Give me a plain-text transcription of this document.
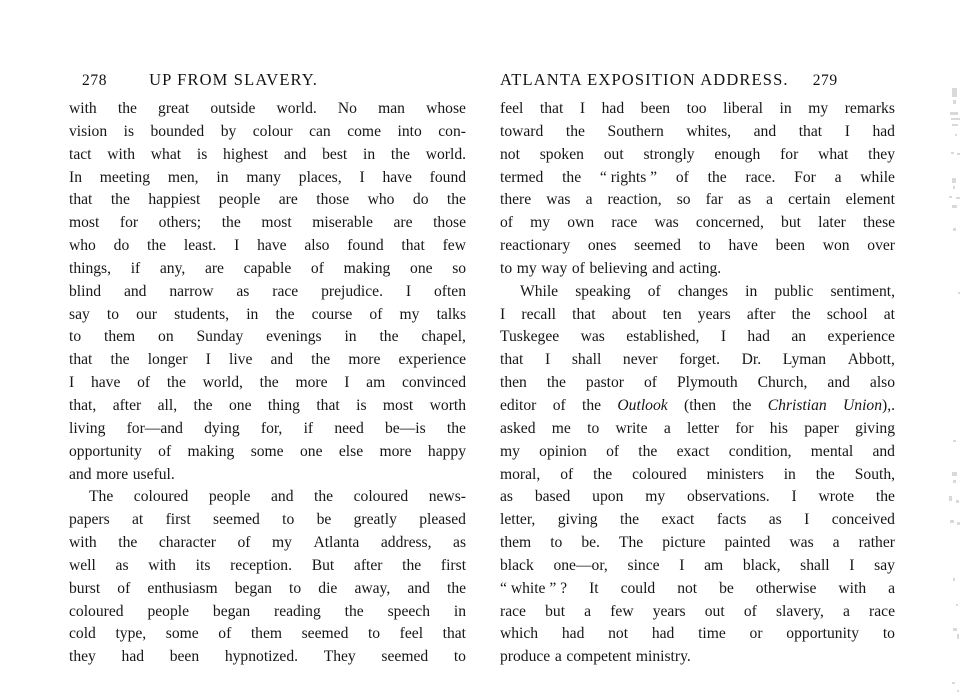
278	UP FROM SLAVERY.
with the great outside world. No man whose
vision is bounded by colour can come into con-
tact with what is highest and best in the world.
In meeting men, in many places, I have found
that the happiest people are those who do the
most for others; the most miserable are those
who do the least. I have also found that few
things, if any, are capable of making one so
blind and narrow as race prejudice. I often
say to our students, in the course of my talks
to them on Sunday evenings in the chapel,
that the longer I live and the more experience
I have of the world, the more I am convinced
that, after all, the one thing that is most worth
living for—and dying for, if need be—is the
opportunity of making some one else more happy
and more useful.
The coloured people and the coloured news-
papers at first seemed to be greatly pleased
with the character of my Atlanta address, as
well as with its reception. But after the first
burst of enthusiasm began to die away, and the
coloured people began reading the speech in
cold type, some of them seemed to feel that
they had been hypnotized. They seemed to
ATLANTA EXPOSITION ADDRESS. 279
feel that I had been too liberal in my remarks
toward the Southern whites, and that I had
not spoken out strongly enough for what they
termed the “ rights ” of the race. For a while
there was a reaction, so far as a certain element
of my own race was concerned, but later these
reactionary ones seemed to have been won over
to my way of believing and acting.
While speaking of changes in public sentiment,
I recall that about ten years after the school at
Tuskegee was established, I had an experience
that I shall never forget. Dr. Lyman Abbott,
then the pastor of Plymouth Church, and also
editor of the Outlook (then the Christian Union),.
asked me to write a letter for his paper giving
my opinion of the exact condition, mental and
moral, of the coloured ministers in the South,
as based upon my observations. I wrote the
letter, giving the exact facts as I conceived
them to be. The picture painted was a rather
black one—or, since I am black, shall I say
“ white ” ? It could not be otherwise with a
race but a few years out of slavery, a race
which had not had time or opportunity to
produce a competent ministry.
